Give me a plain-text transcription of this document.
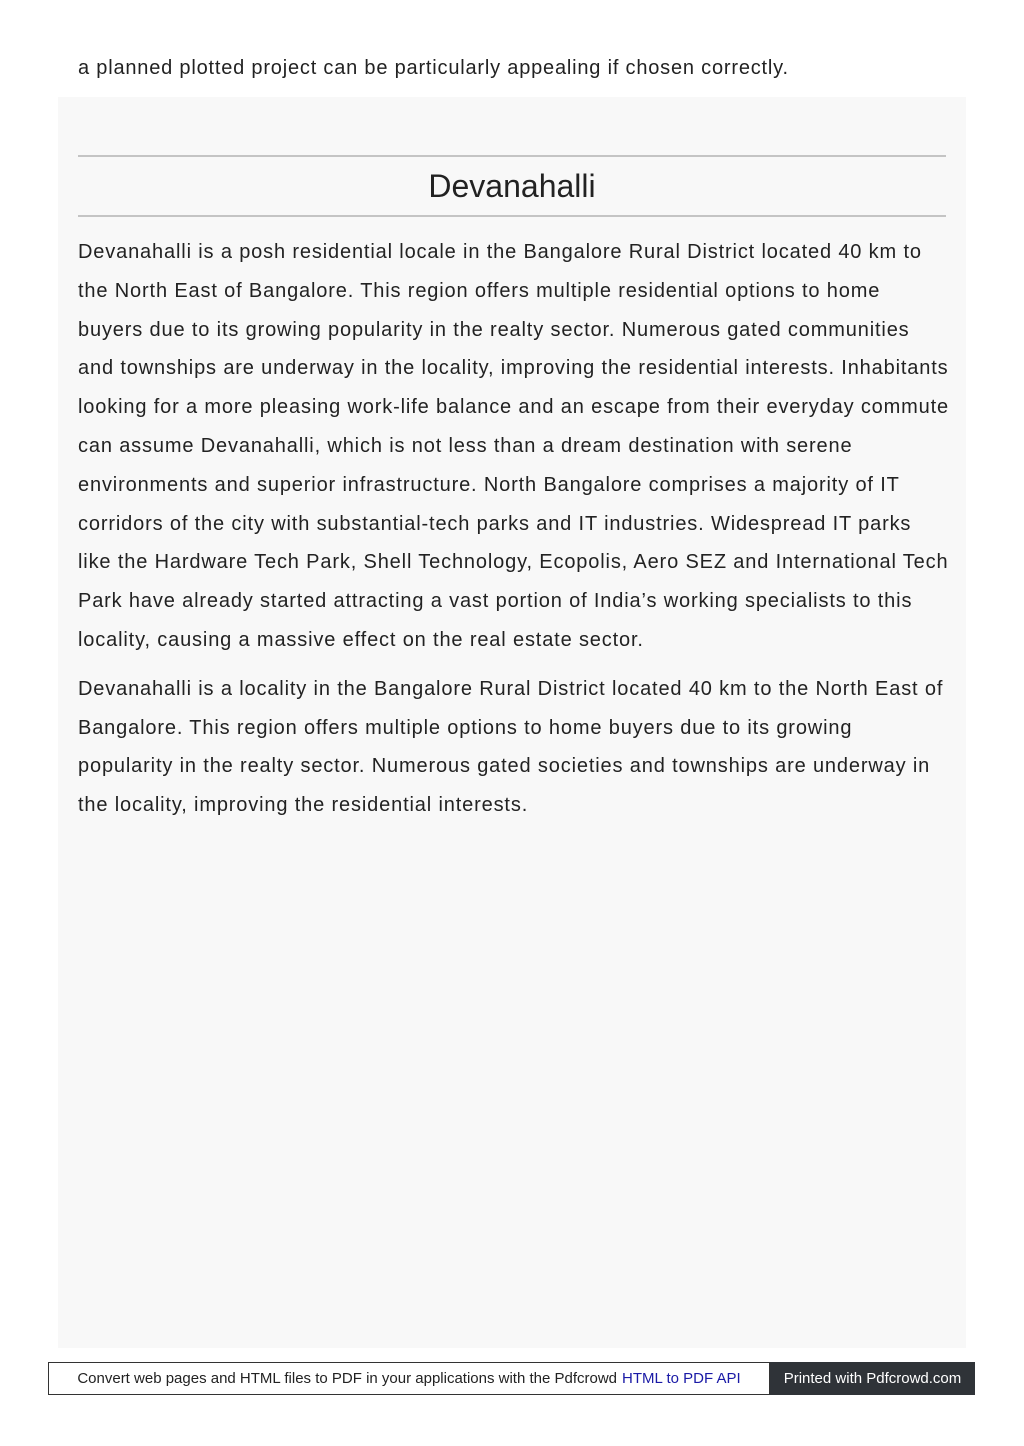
a planned plotted project can be particularly appealing if chosen correctly.

Devanahalli

Devanahalli is a posh residential locale in the Bangalore Rural District located 40 km to the North East of Bangalore. This region offers multiple residential options to home buyers due to its growing popularity in the realty sector. Numerous gated communities and townships are underway in the locality, improving the residential interests. Inhabitants looking for a more pleasing work-life balance and an escape from their everyday commute can assume Devanahalli, which is not less than a dream destination with serene environments and superior infrastructure. North Bangalore comprises a majority of IT corridors of the city with substantial-tech parks and IT industries. Widespread IT parks like the Hardware Tech Park, Shell Technology, Ecopolis, Aero SEZ and International Tech Park have already started attracting a vast portion of India’s working specialists to this locality, causing a massive effect on the real estate sector.

Devanahalli is a locality in the Bangalore Rural District located 40 km to the North East of Bangalore. This region offers multiple options to home buyers due to its growing popularity in the realty sector. Numerous gated societies and townships are underway in the locality, improving the residential interests.

Convert web pages and HTML files to PDF in your applications with the Pdfcrowd HTML to PDF API	Printed with Pdfcrowd.com
